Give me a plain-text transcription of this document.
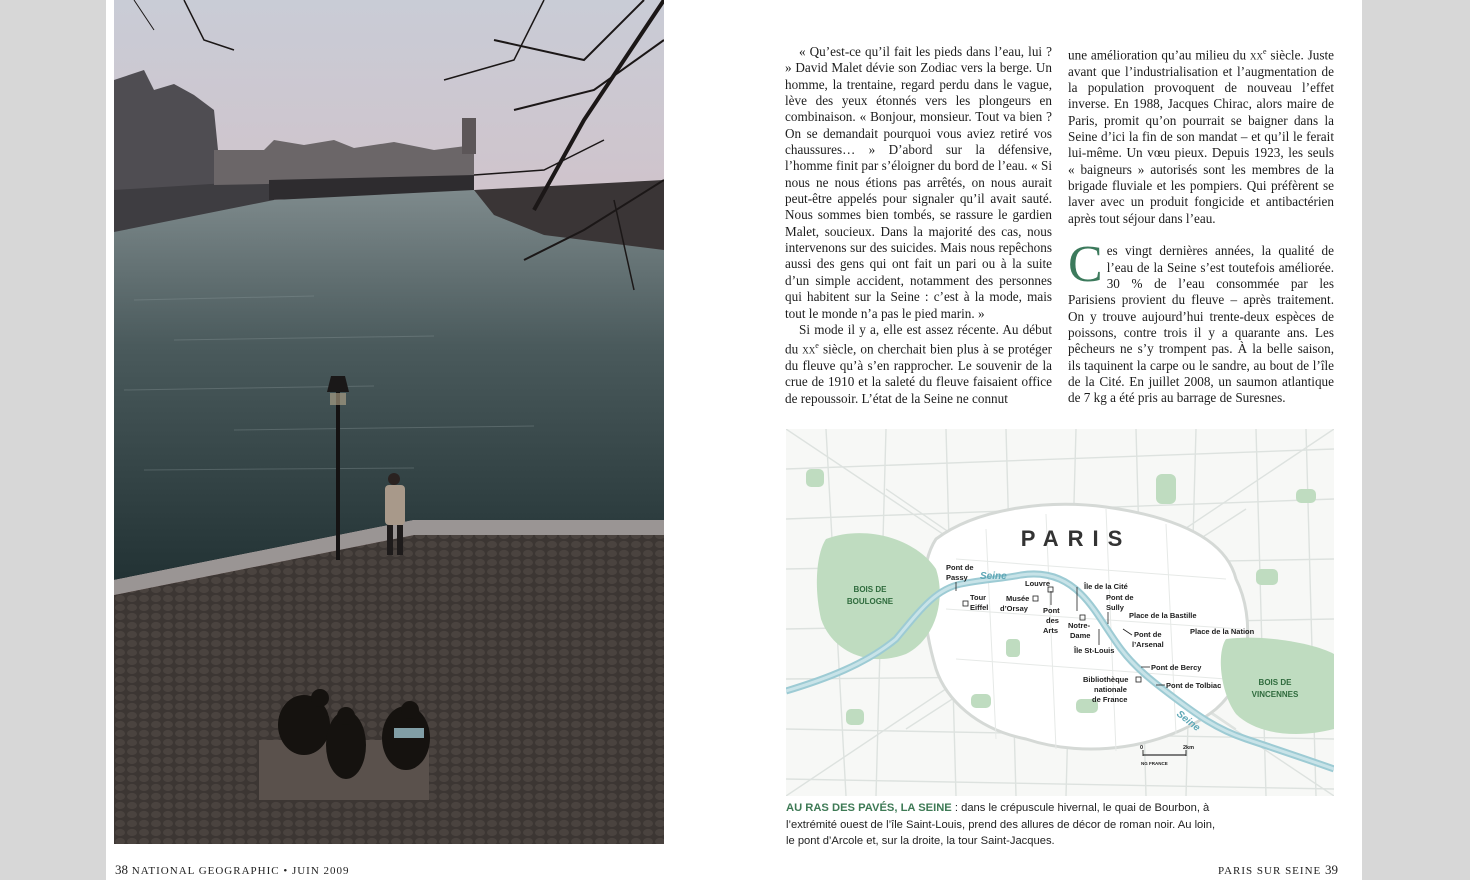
38 NATIONAL GEOGRAPHIC • JUIN 2009	PARIS SUR SEINE 39

« Qu’est-ce qu’il fait les pieds dans l’eau, lui ? » David Malet dévie son Zodiac vers la berge. Un homme, la trentaine, regard perdu dans le vague, lève des yeux étonnés vers les plongeurs en combinaison. « Bonjour, monsieur. Tout va bien ? On se demandait pourquoi vous aviez retiré vos chaussures… » D’abord sur la défensive, l’homme finit par s’éloigner du bord de l’eau. « Si nous ne nous étions pas arrêtés, on nous aurait peut-être appelés pour signaler qu’il avait sauté. Nous sommes bien tombés, se rassure le gardien Malet, soucieux. Dans la majorité des cas, nous intervenons sur des suicides. Mais nous repêchons aussi des gens qui ont fait un pari ou à la suite d’un simple accident, notamment des personnes qui habitent sur la Seine : c’est à la mode, mais tout le monde n’a pas le pied marin. »

Si mode il y a, elle est assez récente. Au début du $xx^e$ siècle, on cherchait bien plus à se protéger du fleuve qu’à s’en rapprocher. Le souvenir de la crue de 1910 et la saleté du fleuve faisaient office de repoussoir. L’état de la Seine ne connut

une amélioration qu’au milieu du $xx^e$ siècle. Juste avant que l’industrialisation et l’augmentation de la population provoquent de nouveau l’effet inverse. En 1988, Jacques Chirac, alors maire de Paris, promit qu’on pourrait se baigner dans la Seine d’ici la fin de son mandat – et qu’il le ferait lui-même. Un vœu pieux. Depuis 1923, les seuls « baigneurs » autorisés sont les membres de la brigade fluviale et les pompiers. Qui préfèrent se laver avec un produit fongicide et antibactérien après tout séjour dans l’eau.

Ces vingt dernières années, la qualité de l’eau de la Seine s’est toutefois améliorée. 30 % de l’eau consommée par les Parisiens provient du fleuve – après traitement. On y trouve aujourd’hui trente-deux espèces de poissons, contre trois il y a quarante ans. Les pêcheurs ne s’y trompent pas. À la belle saison, ils taquinent la carpe ou le sandre, au bout de l’île de la Cité. En juillet 2008, un saumon atlantique de 7 kg a été pris au barrage de Suresnes.

PARIS
Seine
Seine
BOIS DE
BOULOGNE
BOIS DE
VINCENNES
Pont de
Passy
Tour
Eiffel
Musée
d’Orsay
Louvre
Pont
des
Arts
Île de la Cité
Notre-
Dame
Île St-Louis
Pont de
Sully
Place de la Bastille
Place de la Nation
Pont de
l’Arsenal
Pont de Bercy
Pont de Tolbiac
Bibliothèque
nationale
de France
0	2km
NG FRANCE
AU RAS DES PAVÉS, LA SEINE : dans le crépuscule hivernal, le quai de Bourbon, à l’extrémité ouest de l’île Saint-Louis, prend des allures de décor de roman noir. Au loin, le pont d’Arcole et, sur la droite, la tour Saint-Jacques.
